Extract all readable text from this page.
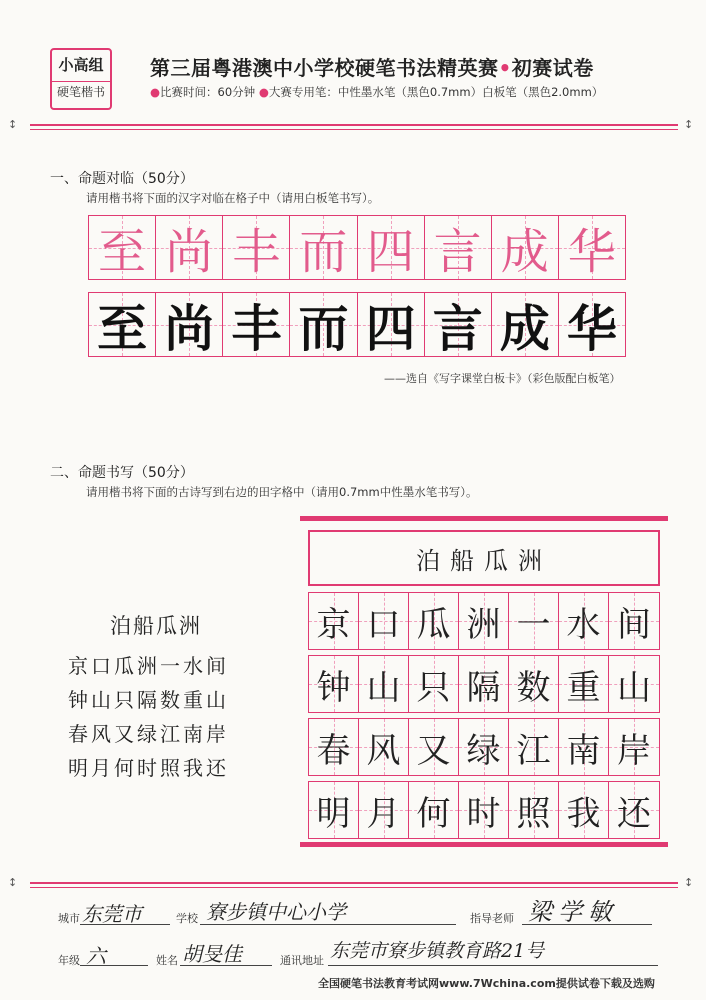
小高组
硬笔楷书
第三届粤港澳中小学校硬笔书法精英赛•初赛试卷
●比赛时间：60分钟 ●大赛专用笔：中性墨水笔（黑色0.7mm）白板笔（黑色2.0mm）
↕	↕
一、命题对临（50分）
请用楷书将下面的汉字对临在格子中（请用白板笔书写）。
至 尚 丰 而 四 言 成 华
至 尚 丰 而 四 言 成 华
——选自《写字课堂白板卡》（彩色版配白板笔）
二、命题书写（50分）
请用楷书将下面的古诗写到右边的田字格中（请用0.7mm中性墨水笔书写）。
泊船瓜洲
京口瓜洲一水间
钟山只隔数重山
春风又绿江南岸
明月何时照我还
泊船瓜洲
京 口 瓜 洲 一 水 间
钟 山 只 隔 数 重 山
春 风 又 绿 江 南 岸
明 月 何 时 照 我 还
↕	↕
城市 东莞市	学校 寮步镇中心小学	指导老师 梁学敏
年级 六	姓名 胡旻佳	通讯地址 东莞市寮步镇教育路21号
全国硬笔书法教育考试网www.7Wchina.com提供试卷下载及选购
